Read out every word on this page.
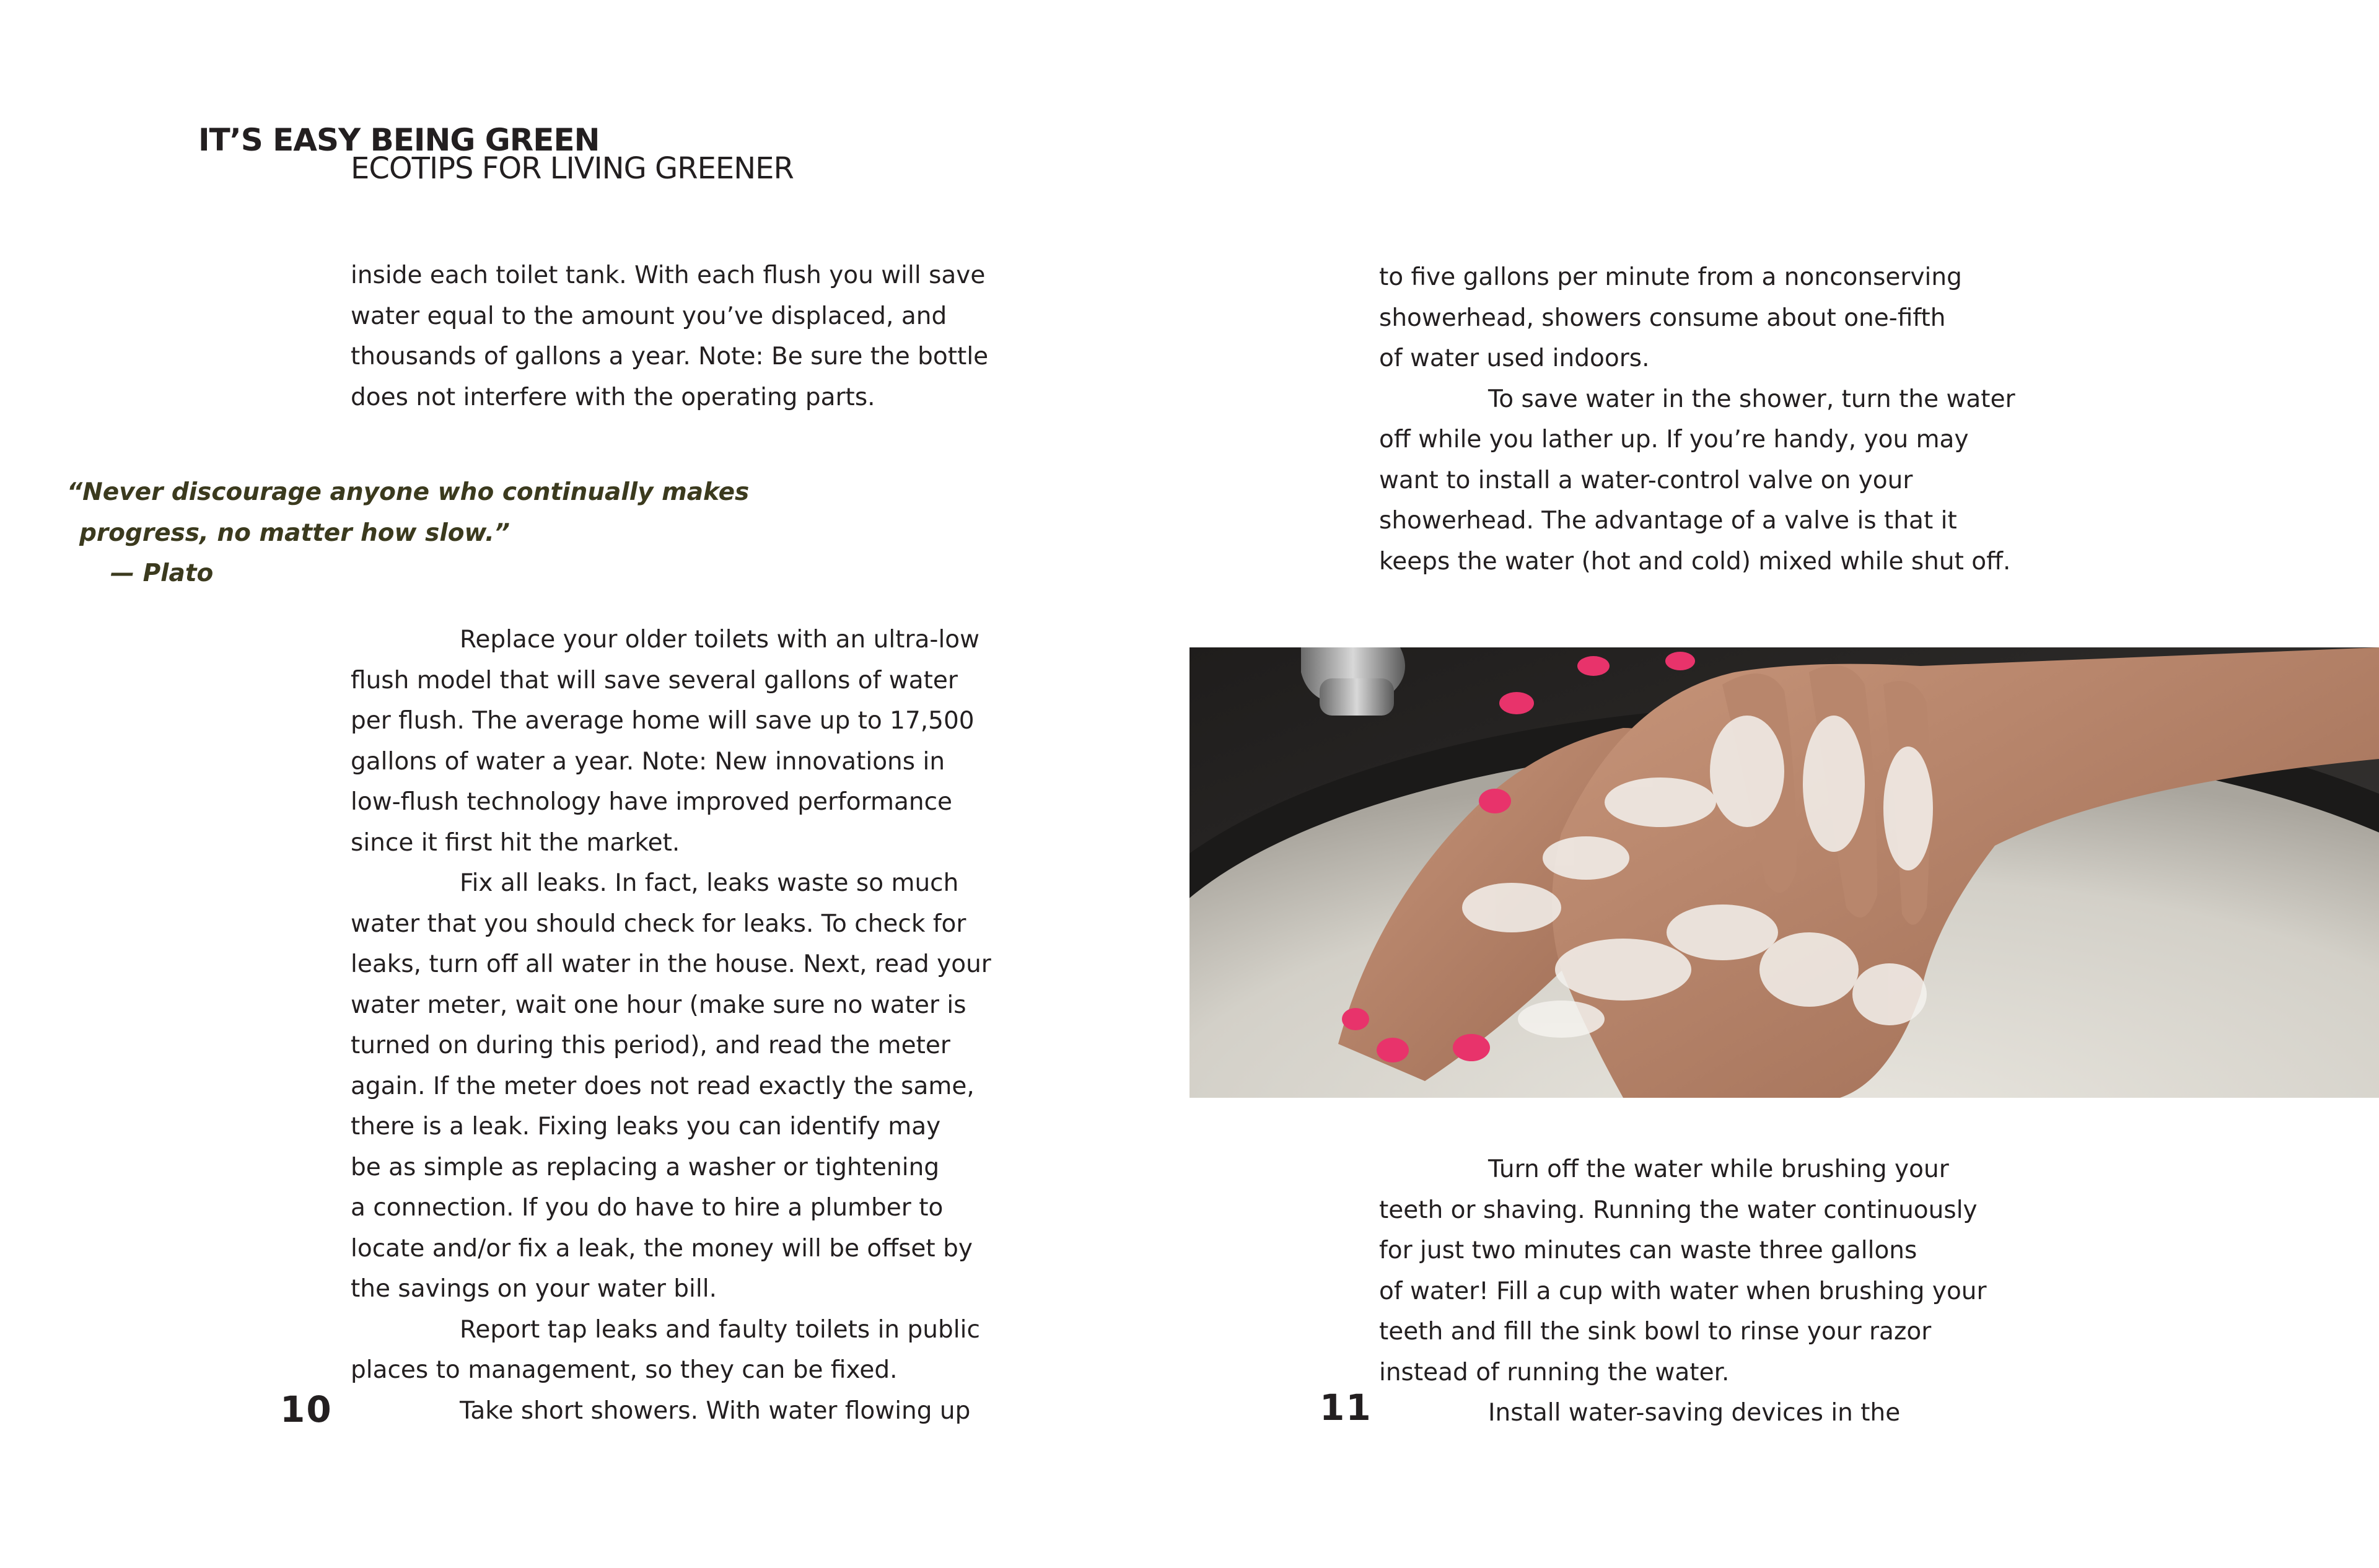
IT’S EASY BEING GREEN
ECOTIPS FOR LIVING GREENER
inside each toilet tank. With each flush you will save
water equal to the amount you’ve displaced, and
thousands of gallons a year. Note: Be sure the bottle
does not interfere with the operating parts.
“Never discourage anyone who continually makes
progress, no matter how slow.”
— Plato
Replace your older toilets with an ultra-low
flush model that will save several gallons of water
per flush. The average home will save up to 17,500
gallons of water a year. Note: New innovations in
low-flush technology have improved performance
since it first hit the market.
Fix all leaks. In fact, leaks waste so much
water that you should check for leaks. To check for
leaks, turn off all water in the house. Next, read your
water meter, wait one hour (make sure no water is
turned on during this period), and read the meter
again. If the meter does not read exactly the same,
there is a leak. Fixing leaks you can identify may
be as simple as replacing a washer or tightening
a connection. If you do have to hire a plumber to
locate and/or fix a leak, the money will be offset by
the savings on your water bill.
Report tap leaks and faulty toilets in public
places to management, so they can be fixed.
Take short showers. With water flowing up
10
to five gallons per minute from a nonconserving
showerhead, showers consume about one-fifth
of water used indoors.
To save water in the shower, turn the water
off while you lather up. If you’re handy, you may
want to install a water-control valve on your
showerhead. The advantage of a valve is that it
keeps the water (hot and cold) mixed while shut off.
Turn off the water while brushing your
teeth or shaving. Running the water continuously
for just two minutes can waste three gallons
of water! Fill a cup with water when brushing your
teeth and fill the sink bowl to rinse your razor
instead of running the water.
Install water-saving devices in the
11
